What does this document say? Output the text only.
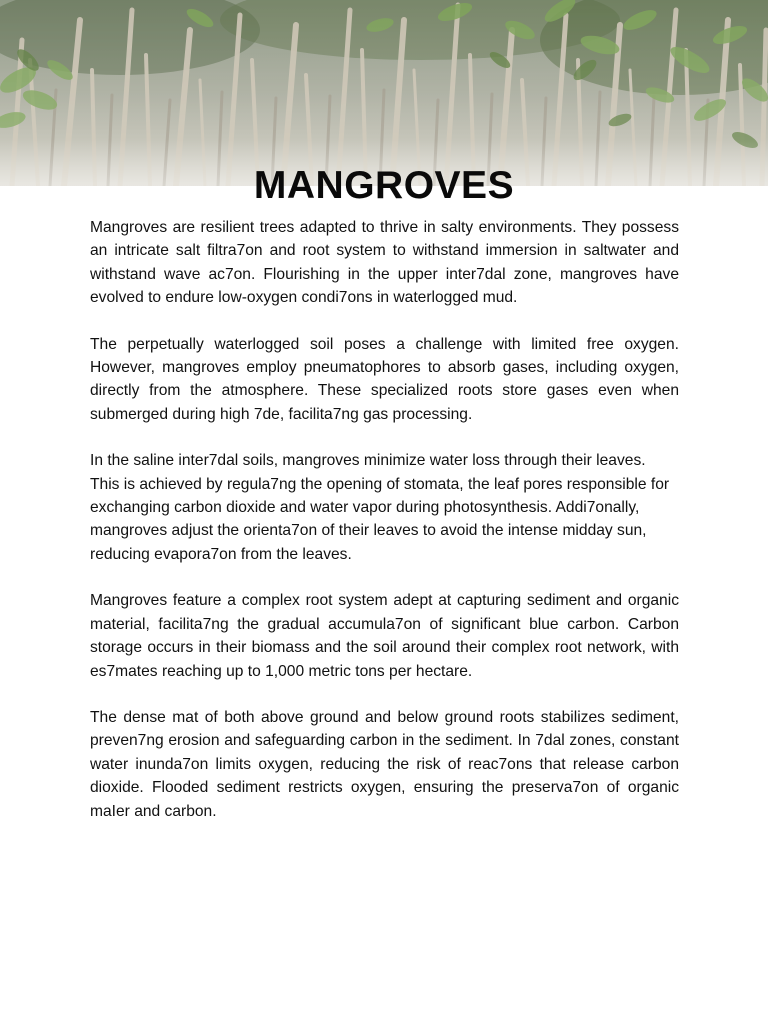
MANGROVES

Mangroves are resilient trees adapted to thrive in salty environments. They possess an intricate salt filtra7on and root system to withstand immersion in saltwater and withstand wave ac7on. Flourishing in the upper inter7dal zone, mangroves have evolved to endure low-oxygen condi7ons in waterlogged mud.

The perpetually waterlogged soil poses a challenge with limited free oxygen. However, mangroves employ pneumatophores to absorb gases, including oxygen, directly from the atmosphere. These specialized roots store gases even when submerged during high 7de, facilita7ng gas processing.

In the saline inter7dal soils, mangroves minimize water loss through their leaves. This is achieved by regula7ng the opening of stomata, the leaf pores responsible for exchanging carbon dioxide and water vapor during photosynthesis. Addi7onally, mangroves adjust the orienta7on of their leaves to avoid the intense midday sun, reducing evapora7on from the leaves.

Mangroves feature a complex root system adept at capturing sediment and organic material, facilita7ng the gradual accumula7on of significant blue carbon. Carbon storage occurs in their biomass and the soil around their complex root network, with es7mates reaching up to 1,000 metric tons per hectare.

The dense mat of both above ground and below ground roots stabilizes sediment, preven7ng erosion and safeguarding carbon in the sediment. In 7dal zones, constant water inunda7on limits oxygen, reducing the risk of reac7ons that release carbon dioxide. Flooded sediment restricts oxygen, ensuring the preserva7on of organic maIer and carbon.
